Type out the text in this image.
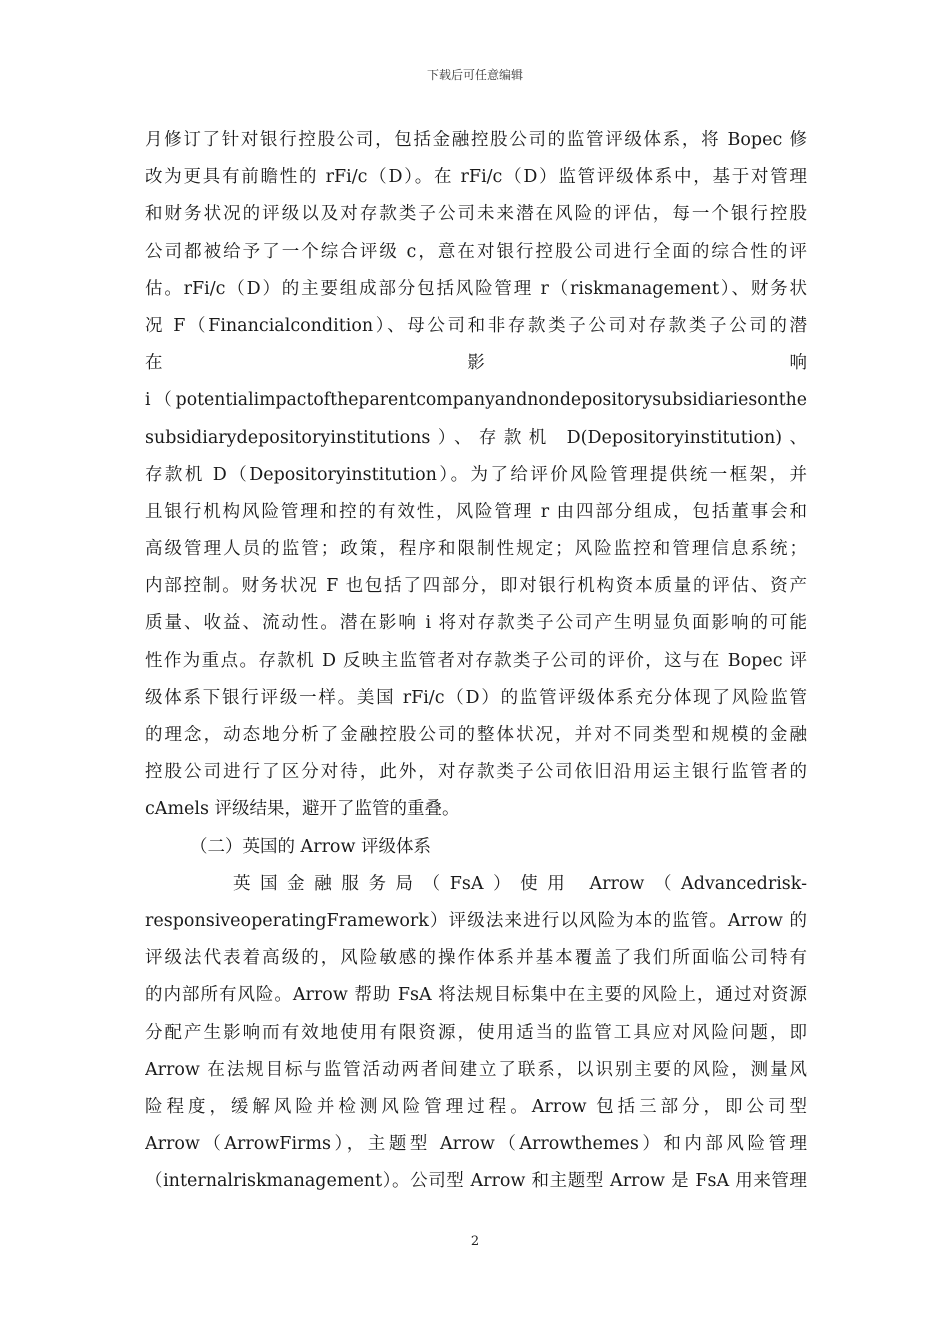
下载后可任意编辑
月修订了针对银行控股公司，包括金融控股公司的监管评级体系，将 Bopec 修
改为更具有前瞻性的 rFi/c（D）。在 rFi/c（D）监管评级体系中，基于对管理
和财务状况的评级以及对存款类子公司未来潜在风险的评估，每一个银行控股
公司都被给予了一个综合评级 c，意在对银行控股公司进行全面的综合性的评
估。rFi/c（D）的主要组成部分包括风险管理 r（riskmanagement）、财务状
况 F（Financialcondition）、母公司和非存款类子公司对存款类子公司的潜
在　　　　　　　　　　　　　影　　　　　　　　　　　　　响
i（potentialimpactoftheparentcompanyandnondepositorysubsidiariesonthe
subsidiarydepositoryinstitutions）、存款机 D(Depositoryinstitution)、
存款机 D（Depositoryinstitution）。为了给评价风险管理提供统一框架，并
且银行机构风险管理和控的有效性，风险管理 r 由四部分组成，包括董事会和
高级管理人员的监管；政策，程序和限制性规定；风险监控和管理信息系统；
内部控制。财务状况 F 也包括了四部分，即对银行机构资本质量的评估、资产
质量、收益、流动性。潜在影响 i 将对存款类子公司产生明显负面影响的可能
性作为重点。存款机 D 反映主监管者对存款类子公司的评价，这与在 Bopec 评
级体系下银行评级一样。美国 rFi/c（D）的监管评级体系充分体现了风险监管
的理念，动态地分析了金融控股公司的整体状况，并对不同类型和规模的金融
控股公司进行了区分对待，此外，对存款类子公司依旧沿用运主银行监管者的
cAmels 评级结果，避开了监管的重叠。
（二）英国的 Arrow 评级体系
英国金融服务局（FsA）使用 Arrow（Advancedrisk-
responsiveoperatingFramework）评级法来进行以风险为本的监管。Arrow 的
评级法代表着高级的，风险敏感的操作体系并基本覆盖了我们所面临公司特有
的内部所有风险。Arrow 帮助 FsA 将法规目标集中在主要的风险上，通过对资源
分配产生影响而有效地使用有限资源，使用适当的监管工具应对风险问题，即
Arrow 在法规目标与监管活动两者间建立了联系，以识别主要的风险，测量风
险程度，缓解风险并检测风险管理过程。Arrow 包括三部分，即公司型
Arrow（ArrowFirms），主题型 Arrow（Arrowthemes）和内部风险管理
（internalriskmanagement）。公司型 Arrow 和主题型 Arrow 是 FsA 用来管理
2
